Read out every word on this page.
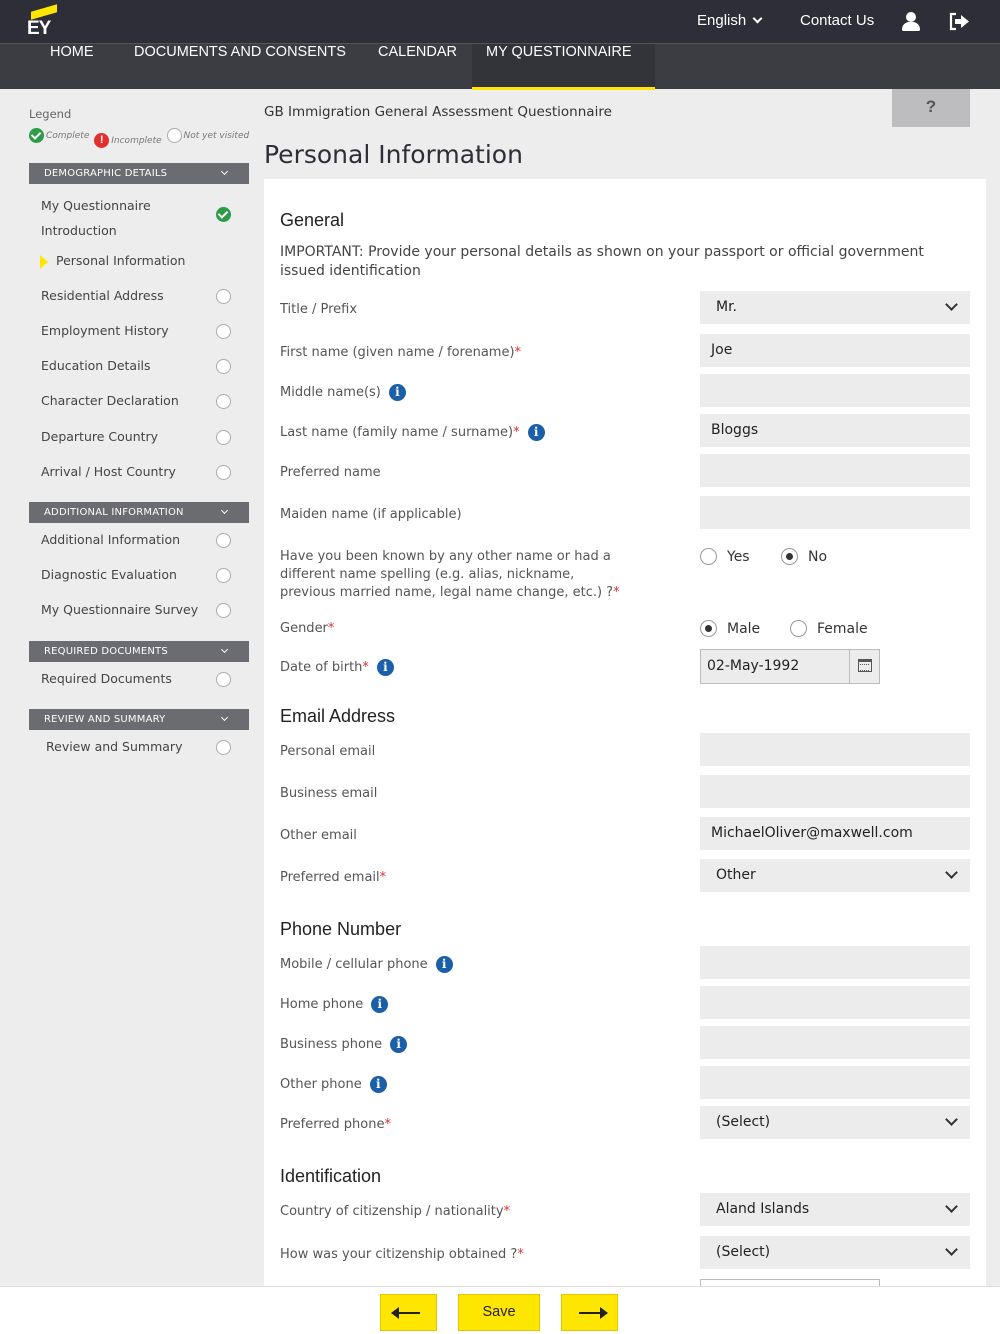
EY	English	Contact Us
HOME	DOCUMENTS AND CONSENTS	CALENDAR	MY QUESTIONNAIRE
Legend
Complete
! Incomplete
Not yet visited
DEMOGRAPHIC DETAILS
My Questionnaire
Introduction
Personal Information
Residential Address
Employment History
Education Details
Character Declaration
Departure Country
Arrival / Host Country
ADDITIONAL INFORMATION
Additional Information
Diagnostic Evaluation
My Questionnaire Survey
REQUIRED DOCUMENTS
Required Documents
REVIEW AND SUMMARY
Review and Summary
GB Immigration General Assessment Questionnaire	?
Personal Information
General
IMPORTANT: Provide your personal details as shown on your passport or official government issued identification
Title / Prefix	Mr.
First name (given name / forename)*	Joe
Middle name(s) i
Last name (family name / surname)* i	Bloggs
Preferred name
Maiden name (if applicable)
Have you been known by any other name or had a
different name spelling (e.g. alias, nickname,
previous married name, legal name change, etc.) ?*
Yes	No
Gender*	Male	Female
Date of birth* i	02-May-1992
Email Address
Personal email
Business email
Other email	MichaelOliver@maxwell.com
Preferred email*	Other
Phone Number
Mobile / cellular phone i
Home phone i
Business phone i
Other phone i
Preferred phone*	(Select)
Identification
Country of citizenship / nationality*	Aland Islands
How was your citizenship obtained ?*	(Select)
Save
